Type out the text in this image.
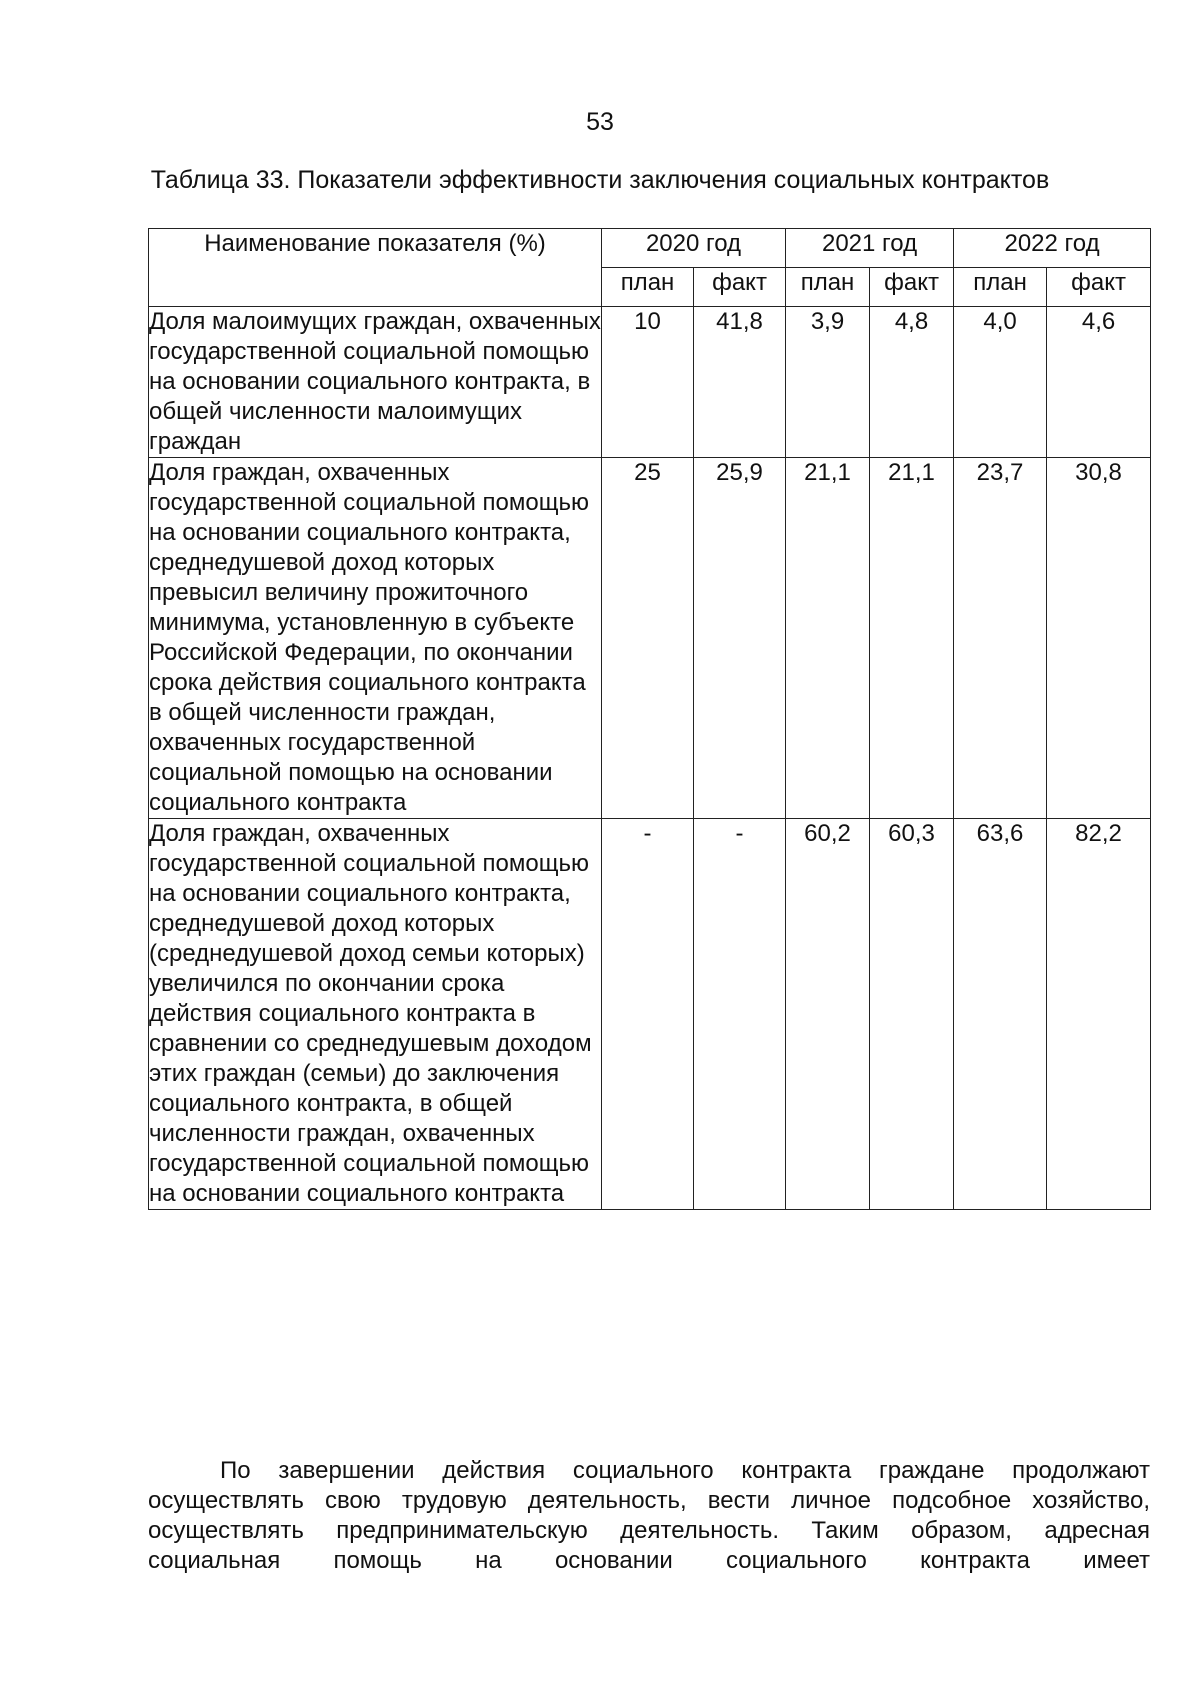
53
Таблица 33. Показатели эффективности заключения социальных контрактов
Наименование показателя (%)	2020 год		2021 год		2022 год	
	план	факт	план	факт	план	факт
Доля малоимущих граждан, охваченных государственной социальной помощью на основании социального контракта, в общей численности малоимущих граждан	10	41,8	3,9	4,8	4,0	4,6
Доля граждан, охваченных государственной социальной помощью на основании социального контракта, среднедушевой доход которых превысил величину прожиточного минимума, установленную в субъекте Российской Федерации, по окончании срока действия социального контракта в общей численности граждан, охваченных государственной социальной помощью на основании социального контракта	25	25,9	21,1	21,1	23,7	30,8
Доля граждан, охваченных государственной социальной помощью на основании социального контракта, среднедушевой доход которых (среднедушевой доход семьи которых) увеличился по окончании срока действия социального контракта в сравнении со среднедушевым доходом этих граждан (семьи) до заключения социального контракта, в общей численности граждан, охваченных государственной социальной помощью на основании социального контракта	-	-	60,2	60,3	63,6	82,2

По завершении действия социального контракта граждане продолжают осуществлять свою трудовую деятельность, вести личное подсобное хозяйство, осуществлять предпринимательскую деятельность. Таким образом, адресная социальная помощь на основании социального контракта имеет
